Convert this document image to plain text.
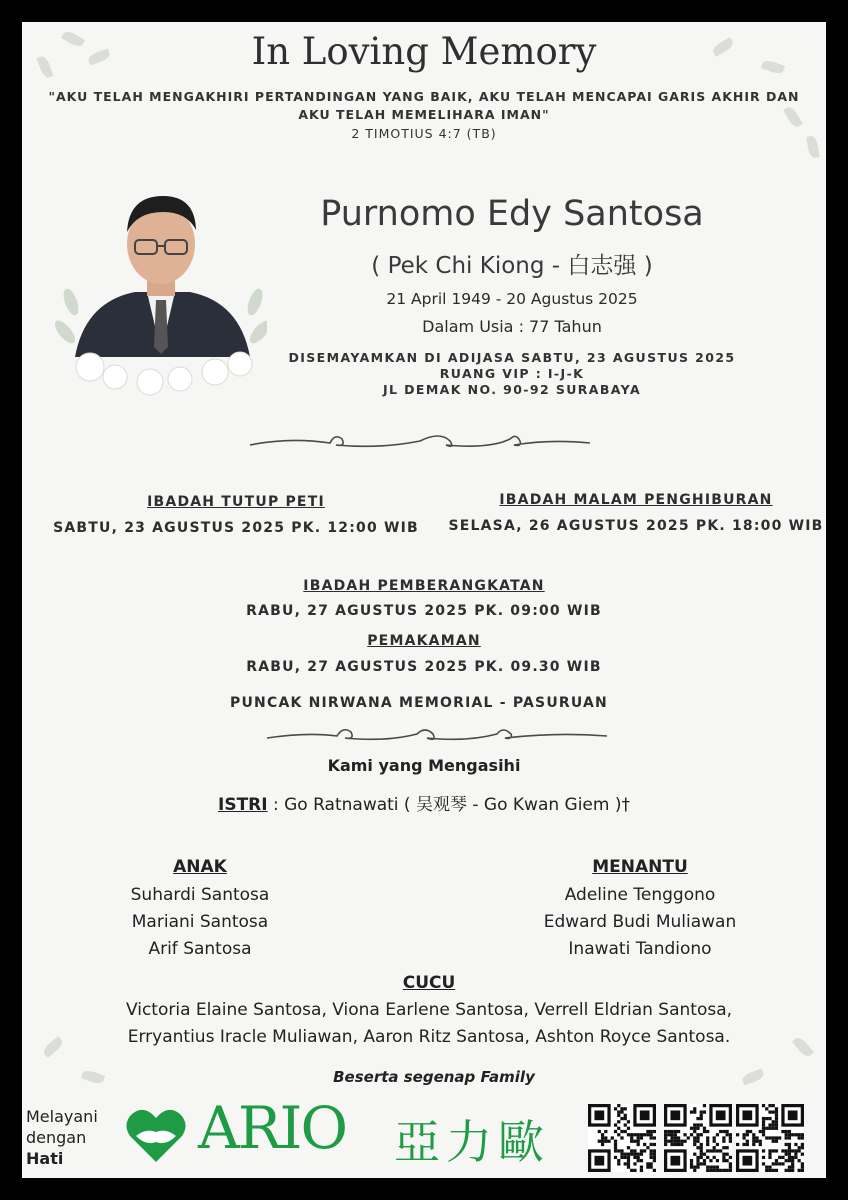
In Loving Memory
"AKU TELAH MENGAKHIRI PERTANDINGAN YANG BAIK, AKU TELAH MENCAPAI GARIS AKHIR DAN AKU TELAH MEMELIHARA IMAN"
2 TIMOTIUS 4:7 (TB)
Purnomo Edy Santosa
( Pek Chi Kiong - 白志强 )
21 April 1949 - 20 Agustus 2025
Dalam Usia : 77 Tahun
DISEMAYAMKAN DI ADIJASA SABTU, 23 AGUSTUS 2025
RUANG VIP : I-J-K
JL DEMAK NO. 90-92 SURABAYA
IBADAH TUTUP PETI
SABTU, 23 AGUSTUS 2025 PK. 12:00 WIB
IBADAH MALAM PENGHIBURAN
SELASA, 26 AGUSTUS 2025 PK. 18:00 WIB
IBADAH PEMBERANGKATAN
RABU, 27 AGUSTUS 2025 PK. 09:00 WIB
PEMAKAMAN
RABU, 27 AGUSTUS 2025 PK. 09.30 WIB
PUNCAK NIRWANA MEMORIAL - PASURUAN
Kami yang Mengasihi
ISTRI : Go Ratnawati ( 吴观琴 - Go Kwan Giem )†
ANAK
Suhardi Santosa
Mariani Santosa
Arif Santosa
MENANTU
Adeline Tenggono
Edward Budi Muliawan
Inawati Tandiono
CUCU
Victoria Elaine Santosa, Viona Earlene Santosa, Verrell Eldrian Santosa,
Erryantius Iracle Muliawan, Aaron Ritz Santosa, Ashton Royce Santosa.
Beserta segenap Family
Melayani
dengan
Hati	ARIO 亞力歐
